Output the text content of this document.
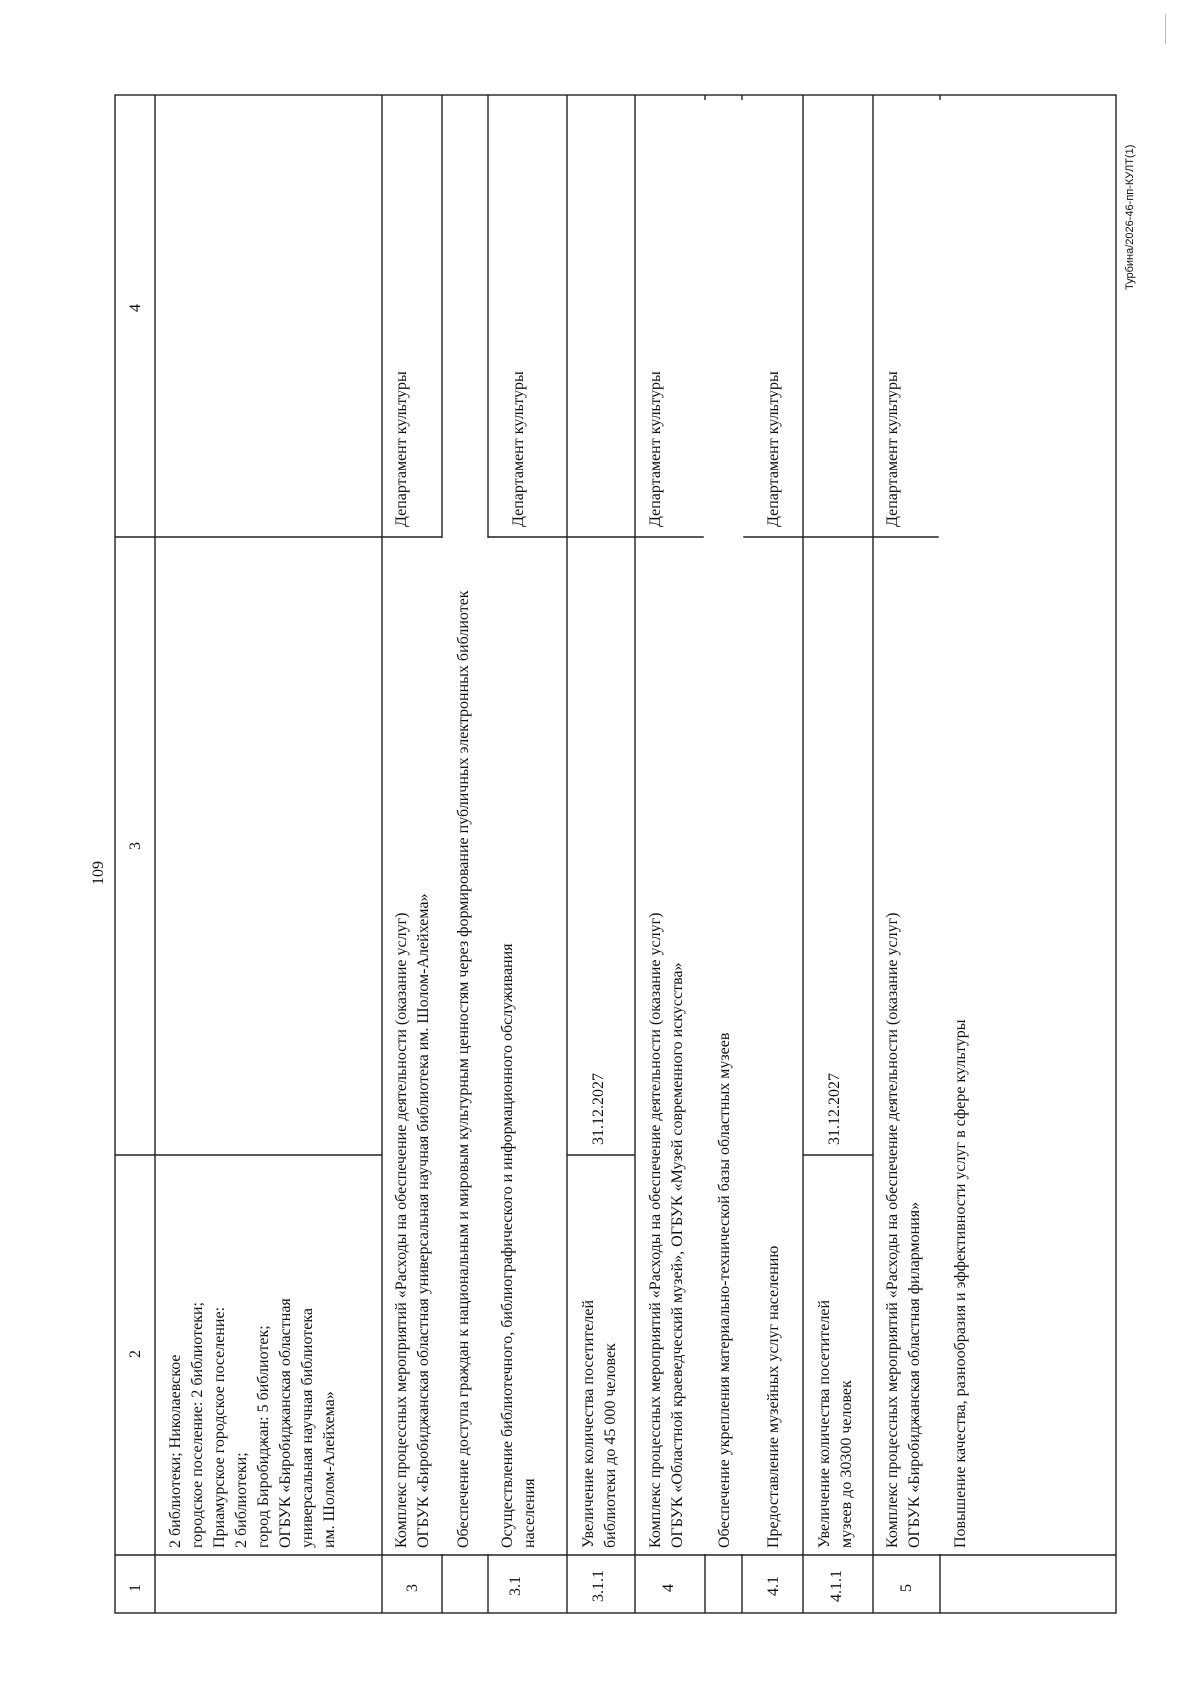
109
1
2
3
4
2 библиотеки; Николаевское городское поселение: 2 библиотеки; Приамурское городское поселение: 2 библиотеки; город Биробиджан: 5 библиотек; ОГБУК «Биробиджанская областная универсальная научная библиотека им. Шолом-Алейхема»
3
Комплекс процессных мероприятий «Расходы на обеспечение деятельности (оказание услуг) ОГБУК «Биробиджанская областная универсальная научная библиотека им. Шолом-Алейхема»
Департамент культуры
Обеспечение доступа граждан к национальным и мировым культурным ценностям через формирование публичных электронных библиотек
3.1
Осуществление библиотечного, библиографического и информационного обслуживания населения
Департамент культуры
3.1.1
Увеличение количества посетителей библиотеки до 45 000 человек
31.12.2027
4
Комплекс процессных мероприятий «Расходы на обеспечение деятельности (оказание услуг) ОГБУК «Областной краеведческий музей», ОГБУК «Музей современного искусства»
Департамент культуры
Обеспечение укрепления материально-технической базы областных музеев
4.1
Предоставление музейных услуг населению
Департамент культуры
4.1.1
Увеличение количества посетителей музеев до 30300 человек
31.12.2027
5
Комплекс процессных мероприятий «Расходы на обеспечение деятельности (оказание услуг) ОГБУК «Биробиджанская областная филармония»
Департамент культуры
Повышение качества, разнообразия и эффективности услуг в сфере культуры
Турбина/2026-46-пп-КУЛТ(1)
